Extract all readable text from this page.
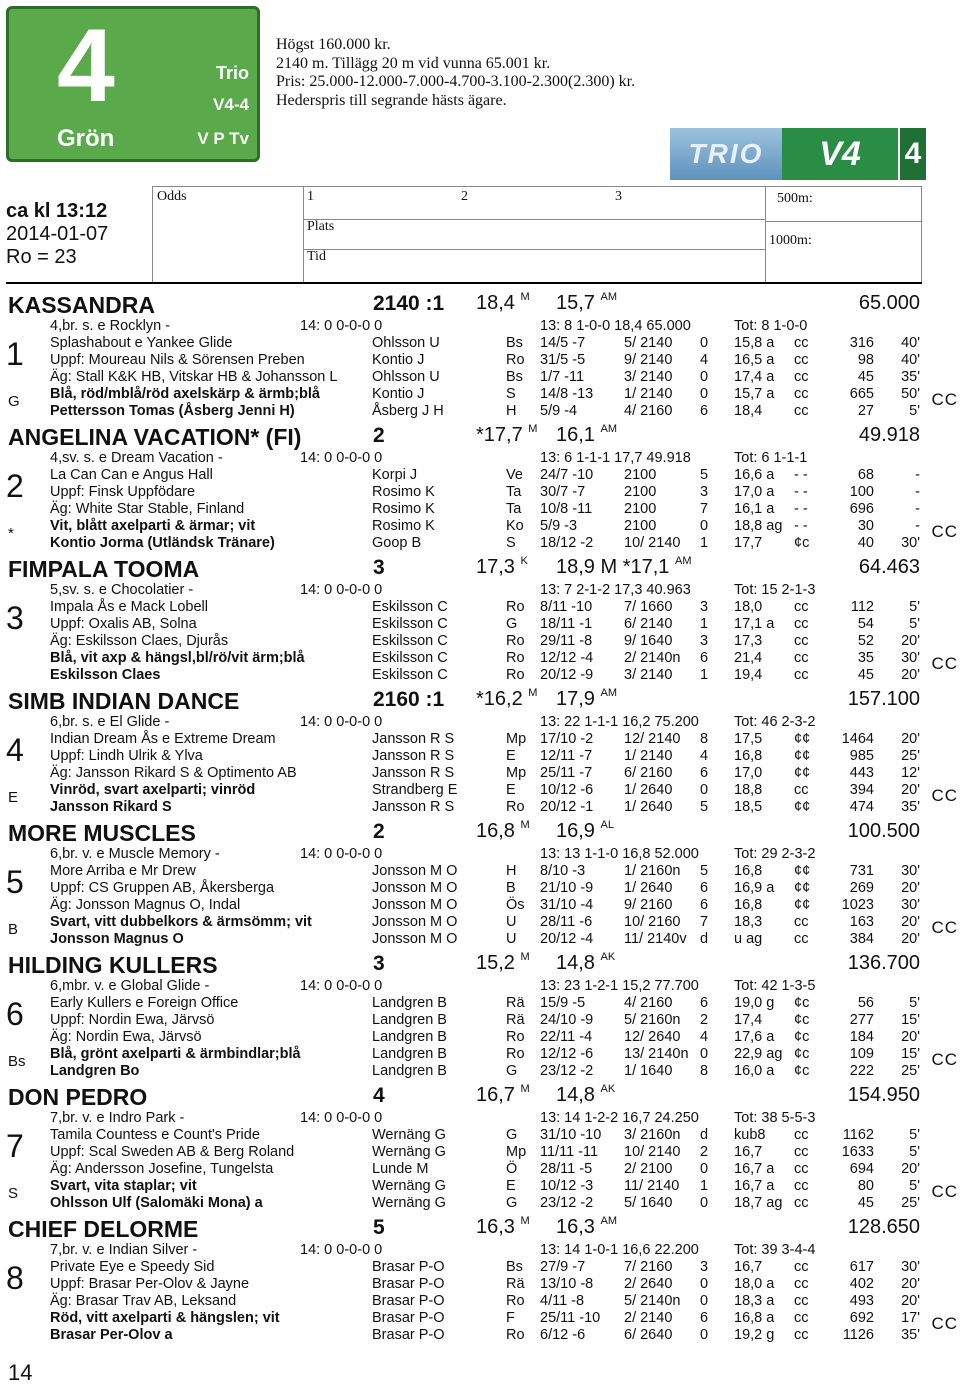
4
Grön
Trio
V4-4
V P Tv
Högst 160.000 kr.
2140 m. Tillägg 20 m vid vunna 65.001 kr.
Pris: 25.000-12.000-7.000-4.700-3.100-2.300(2.300) kr.
Hederspris till segrande hästs ägare.
TRIO	V4	4
ca kl 13:12
2014-01-07
Ro = 23
Odds	1	2	3
Plats
Tid
500m:
1000m:
KASSANDRA	2140 :1 18,4 $^M$ 15,7 $^{AM}$	65.000
1
G	CC
4,br. s. e Rocklyn -	14: 0 0-0-0 0	13: 8 1-0-0 18,4 65.000	Tot: 8 1-0-0
Splashabout e Yankee Glide	Ohlsson U	Bs 14/5 -7	5/ 2140 0 15,8 a cc	316	40'
Uppf: Moureau Nils & Sörensen Preben	Kontio J	Ro 31/5 -5	9/ 2140 4 16,5 a cc	98	40'
Äg: Stall K&K HB, Vitskar HB & Johansson L Ohlsson U	Bs 1/7 -11	3/ 2140 0 17,4 a cc	45	35'
Blå, röd/mblå/röd axelskärp & ärmb;blå	Kontio J	S 14/8 -13 1/ 2140 0 15,7 a cc	665	50'
Pettersson Tomas (Åsberg Jenni H)	Åsberg J H	H 5/9 -4	4/ 2160 6 18,4 cc	27	5'
ANGELINA VACATION* (FI)	2	*17,7 $^M$ 16,1 $^{AM}$	49.918
2
*	CC
4,sv. s. e Dream Vacation -	14: 0 0-0-0 0	13: 6 1-1-1 17,7 49.918	Tot: 6 1-1-1
La Can Can e Angus Hall	Korpi J	Ve 24/7 -10 2100	5 16,6 a - -	68	-
Uppf: Finsk Uppfödare	Rosimo K	Ta 30/7 -7	2100	3 17,0 a - -	100	-
Äg: White Star Stable, Finland	Rosimo K	Ta 10/8 -11 2100	7 16,1 a - -	696	-
Vit, blått axelparti & ärmar; vit	Rosimo K	Ko 5/9 -3	2100	0 18,8 ag - -	30	-
Kontio Jorma (Utländsk Tränare)	Goop B	S 18/12 -2 10/ 2140 1 17,7 ¢c	40	30'
FIMPALA TOOMA	3	17,3 $^K$ 18,9 M *17,1 $^{AM}$	64.463
3
CC
5,sv. s. e Chocolatier -	14: 0 0-0-0 0	13: 7 2-1-2 17,3 40.963	Tot: 15 2-1-3
Impala Ås e Mack Lobell	Eskilsson C	Ro 8/11 -10 7/ 1660 3 18,0 cc	112	5'
Uppf: Oxalis AB, Solna	Eskilsson C	G 18/11 -1 6/ 2140 1 17,1 a cc	54	5'
Äg: Eskilsson Claes, Djurås	Eskilsson C	Ro 29/11 -8 9/ 1640 3 17,3 cc	52	20'
Blå, vit axp & hängsl,bl/rö/vit ärm;blå	Eskilsson C	Ro 12/12 -4 2/ 2140n 6 21,4 cc	35	30'
Eskilsson Claes	Eskilsson C	Ro 20/12 -9 3/ 2140 1 19,4 cc	45	20'
SIMB INDIAN DANCE	2160 :1 *16,2 $^M$ 17,9 $^{AM}$	157.100
4
E	CC
6,br. s. e El Glide -	14: 0 0-0-0 0	13: 22 1-1-1 16,2 75.200 Tot: 46 2-3-2
Indian Dream Ås e Extreme Dream	Jansson R S	Mp 17/10 -2 12/ 2140 8 17,5 ¢¢ 1464	20'
Uppf: Lindh Ulrik & Ylva	Jansson R S	E 12/11 -7 1/ 2140 4 16,8 ¢¢	985	25'
Äg: Jansson Rikard S & Optimento AB	Jansson R S	Mp 25/11 -7 6/ 2160 6 17,0 ¢¢	443	12'
Vinröd, svart axelparti; vinröd	Strandberg E	E 10/12 -6 1/ 2640 0 18,8 cc	394	20'
Jansson Rikard S	Jansson R S	Ro 20/12 -1 1/ 2640 5 18,5 ¢¢	474	35'
MORE MUSCLES	2	16,8 $^M$ 16,9 $^{AL}$	100.500
5
B	CC
6,br. v. e Muscle Memory -	14: 0 0-0-0 0	13: 13 1-1-0 16,8 52.000 Tot: 29 2-3-2
More Arriba e Mr Drew	Jonsson M O	H 8/10 -3	1/ 2160n 5 16,8 ¢¢	731	30'
Uppf: CS Gruppen AB, Åkersberga	Jonsson M O	B 21/10 -9 1/ 2640 6 16,9 a ¢¢	269	20'
Äg: Jonsson Magnus O, Indal	Jonsson M O	Ös 31/10 -4 9/ 2160 6 16,8 ¢¢ 1023	30'
Svart, vitt dubbelkors & ärmsömm; vit	Jonsson M O	U 28/11 -6 10/ 2160 7 18,3 cc	163	20'
Jonsson Magnus O	Jonsson M O	U 20/12 -4 11/ 2140v d u ag cc	384	20'
HILDING KULLERS	3	15,2 $^M$ 14,8 $^{AK}$	136.700
6
Bs	CC
6,mbr. v. e Global Glide -	14: 0 0-0-0 0	13: 23 1-2-1 15,2 77.700 Tot: 42 1-3-5
Early Kullers e Foreign Office	Landgren B	Rä 15/9 -5	4/ 2160 6 19,0 g ¢c	56	5'
Uppf: Nordin Ewa, Järvsö	Landgren B	Rä 24/10 -9 5/ 2160n 2 17,4 ¢c	277	15'
Äg: Nordin Ewa, Järvsö	Landgren B	Ro 22/11 -4 12/ 2640 4 17,6 a ¢c	184	20'
Blå, grönt axelparti & ärmbindlar;blå	Landgren B	Ro 12/12 -6 13/ 2140n 0 22,9 ag ¢c	109	15'
Landgren Bo	Landgren B	G 23/12 -2 1/ 1640 8 16,0 a ¢c	222	25'
DON PEDRO	4	16,7 $^M$ 14,8 $^{AK}$	154.950
7
S	CC
7,br. v. e Indro Park -	14: 0 0-0-0 0	13: 14 1-2-2 16,7 24.250 Tot: 38 5-5-3
Tamila Countess e Count's Pride	Wernäng G	G 31/10 -10 3/ 2160n d kub8 cc 1162	5'
Uppf: Scal Sweden AB & Berg Roland	Wernäng G	Mp 11/11 -11 10/ 2140 2 16,7 cc 1633	5'
Äg: Andersson Josefine, Tungelsta	Lunde M	Ö 28/11 -5 2/ 2100 0 16,7 a cc	694	20'
Svart, vita staplar; vit	Wernäng G	E 10/12 -3 11/ 2140 1 16,7 a cc	80	5'
Ohlsson Ulf (Salomäki Mona) a	Wernäng G	G 23/12 -2 5/ 1640 0 18,7 ag cc	45	25'
CHIEF DELORME	5	16,3 $^M$ 16,3 $^{AM}$	128.650
8
CC
7,br. v. e Indian Silver -	14: 0 0-0-0 0	13: 14 1-0-1 16,6 22.200 Tot: 39 3-4-4
Private Eye e Speedy Sid	Brasar P-O	Bs 27/9 -7	7/ 2160 3 16,7 cc	617	30'
Uppf: Brasar Per-Olov & Jayne	Brasar P-O	Rä 13/10 -8 2/ 2640 0 18,0 a cc	402	20'
Äg: Brasar Trav AB, Leksand	Brasar P-O	Ro 4/11 -8	5/ 2140n 0 18,3 a cc	493	20'
Röd, vitt axelparti & hängslen; vit	Brasar P-O	F 25/11 -10 2/ 2140 6 16,8 a cc	692	17'
Brasar Per-Olov a	Brasar P-O	Ro 6/12 -6	6/ 2640 0 19,2 g cc 1126	35'
14
